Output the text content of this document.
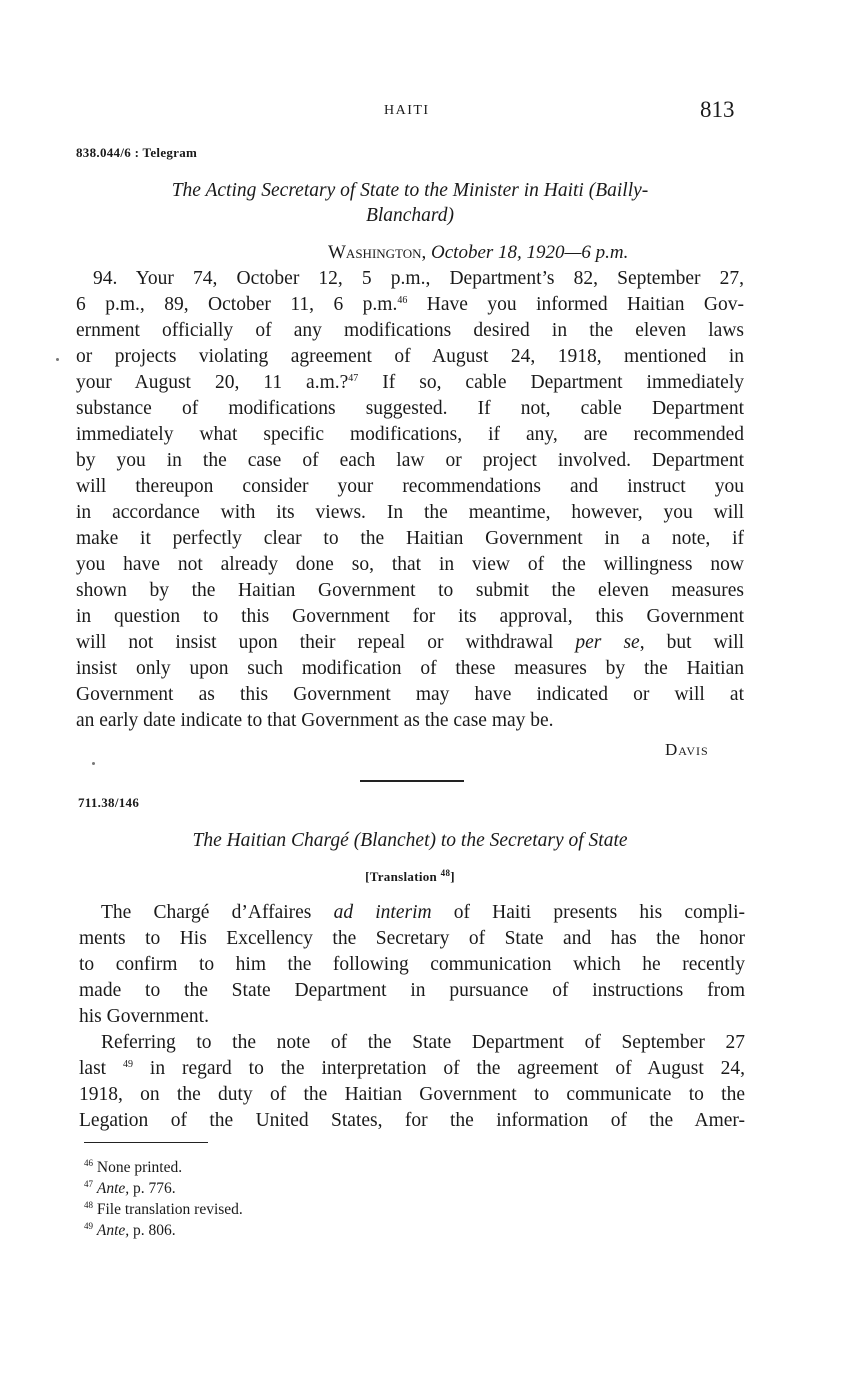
HAITI	813
838.044/6 : Telegram
The Acting Secretary of State to the Minister in Haiti (Bailly-
Blanchard)
Washington, October 18, 1920—6 p.m.
94. Your 74, October 12, 5 p.m., Department’s 82, September 27,
6 p.m., 89, October 11, 6 p.m.$^{46}$ Have you informed Haitian Gov-
ernment officially of any modifications desired in the eleven laws
or projects violating agreement of August 24, 1918, mentioned in
your August 20, 11 a.m.?$^{47}$ If so, cable Department immediately
substance of modifications suggested. If not, cable Department
immediately what specific modifications, if any, are recommended
by you in the case of each law or project involved. Department
will thereupon consider your recommendations and instruct you
in accordance with its views. In the meantime, however, you will
make it perfectly clear to the Haitian Government in a note, if
you have not already done so, that in view of the willingness now
shown by the Haitian Government to submit the eleven measures
in question to this Government for its approval, this Government
will not insist upon their repeal or withdrawal per se, but will
insist only upon such modification of these measures by the Haitian
Government as this Government may have indicated or will at
an early date indicate to that Government as the case may be.
Davis
711.38/146
The Haitian Chargé (Blanchet) to the Secretary of State
[Translation $^{48}$]
The Chargé d’Affaires ad interim of Haiti presents his compli-
ments to His Excellency the Secretary of State and has the honor
to confirm to him the following communication which he recently
made to the State Department in pursuance of instructions from
his Government.
Referring to the note of the State Department of September 27
last $^{49}$ in regard to the interpretation of the agreement of August 24,
1918, on the duty of the Haitian Government to communicate to the
Legation of the United States, for the information of the Amer-
$^{46}$ None printed.
$^{47}$ Ante, p. 776.
$^{48}$ File translation revised.
$^{49}$ Ante, p. 806.
